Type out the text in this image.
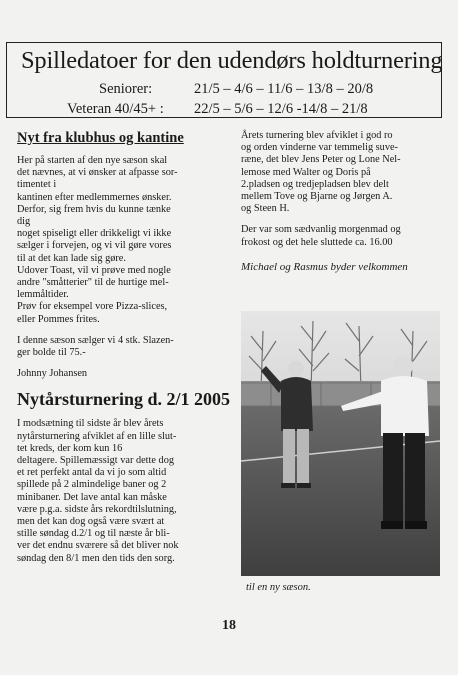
Spilledatoer for den udendørs holdturnering
Seniorer:	21/5 – 4/6 – 11/6 – 13/8 – 20/8
Veteran 40/45+ : 22/5 – 5/6 – 12/6 -14/8 – 21/8
Nyt fra klubhus og kantine
Her på starten af den nye sæson skal
det nævnes, at vi ønsker at afpasse sor-
timentet i
kantinen efter medlemmernes ønsker.
Derfor, sig frem hvis du kunne tænke
dig
noget spiseligt eller drikkeligt vi ikke
sælger i forvejen, og vi vil gøre vores
til at det kan lade sig gøre.
Udover Toast, vil vi prøve med nogle
andre "småtterier" til de hurtige mel-
lemmåltider.
Prøv for eksempel vore Pizza-slices,
eller Pommes frites.
I denne sæson sælger vi 4 stk. Slazen-
ger bolde til 75.-
Johnny Johansen
Nytårsturnering d. 2/1 2005
I modsætning til sidste år blev årets
nytårsturnering afviklet af en lille slut-
tet kreds, der kom kun 16
deltagere. Spillemæssigt var dette dog
et ret perfekt antal da vi jo som altid
spillede på 2 almindelige baner og 2
minibaner. Det lave antal kan måske
være p.g.a. sidste års rekordtilslutning,
men det kan dog også være svært at
stille søndag d.2/1 og til næste år bli-
ver det endnu sværere så det bliver nok
søndag den 8/1 men den tids den sorg.
Årets turnering blev afviklet i god ro
og orden vinderne var temmelig suve-
ræne, det blev Jens Peter og Lone Nel-
lemose med Walter og Doris på
2.pladsen og tredjepladsen blev delt
mellem Tove og Bjarne og Jørgen A.
og Steen H.
Der var som sædvanlig morgenmad og
frokost og det hele sluttede ca. 16.00

Michael og Rasmus byder velkommen

til en ny sæson.

18
